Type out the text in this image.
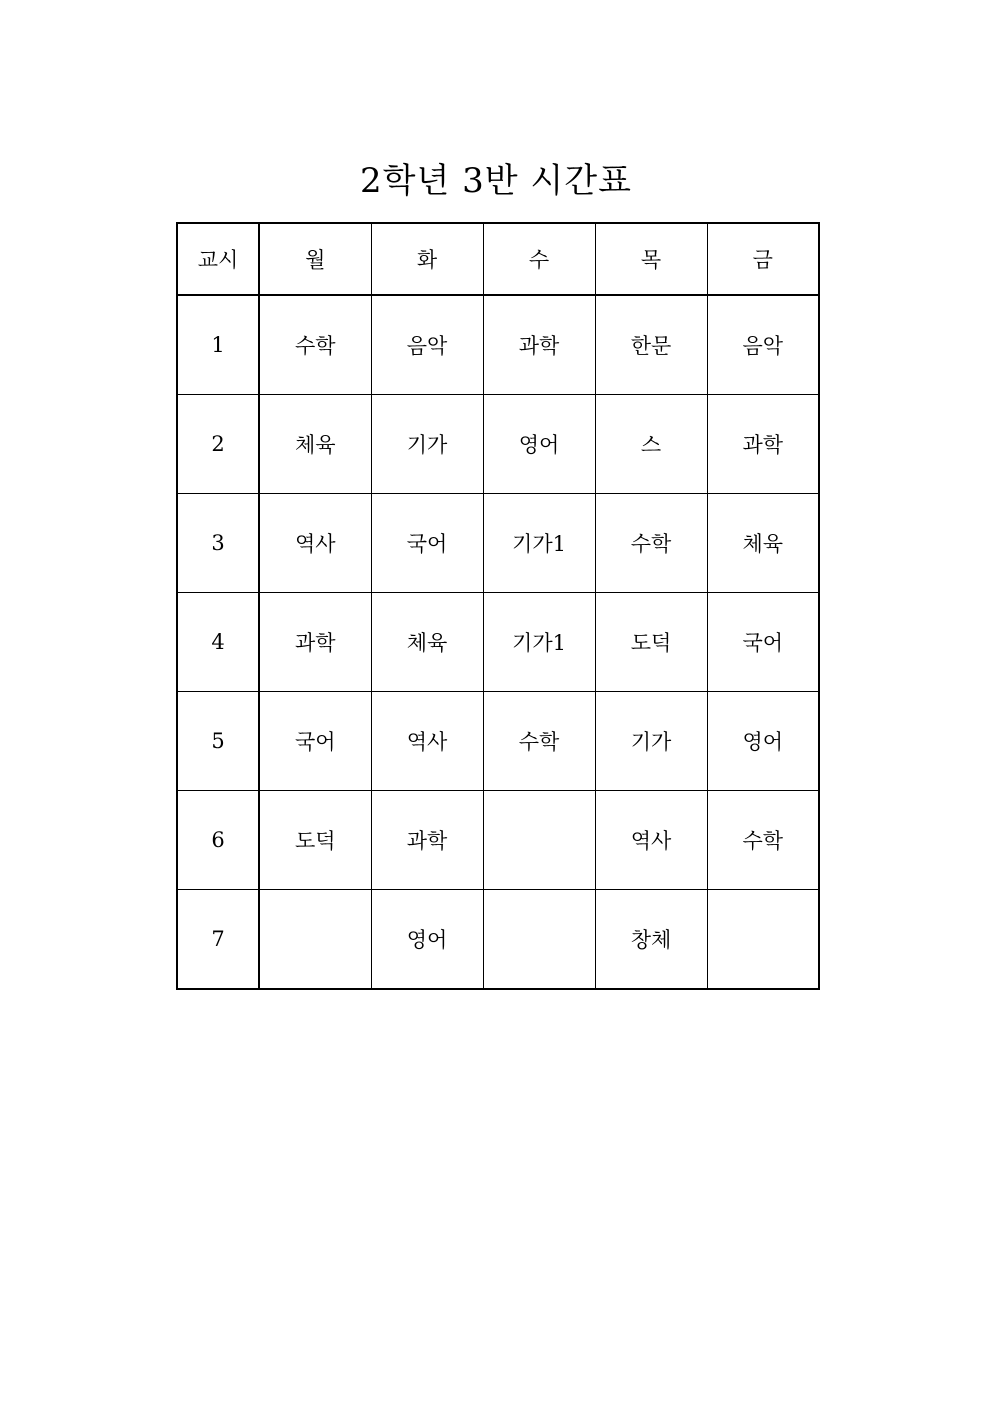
2학년 3반 시간표
교시	월	화	수	목	금
1	수학	음악	과학	한문	음악
2	체육	기가	영어	스	과학
3	역사	국어	기가1	수학	체육
4	과학	체육	기가1	도덕	국어
5	국어	역사	수학	기가	영어
6	도덕	과학		역사	수학
7		영어		창체	
